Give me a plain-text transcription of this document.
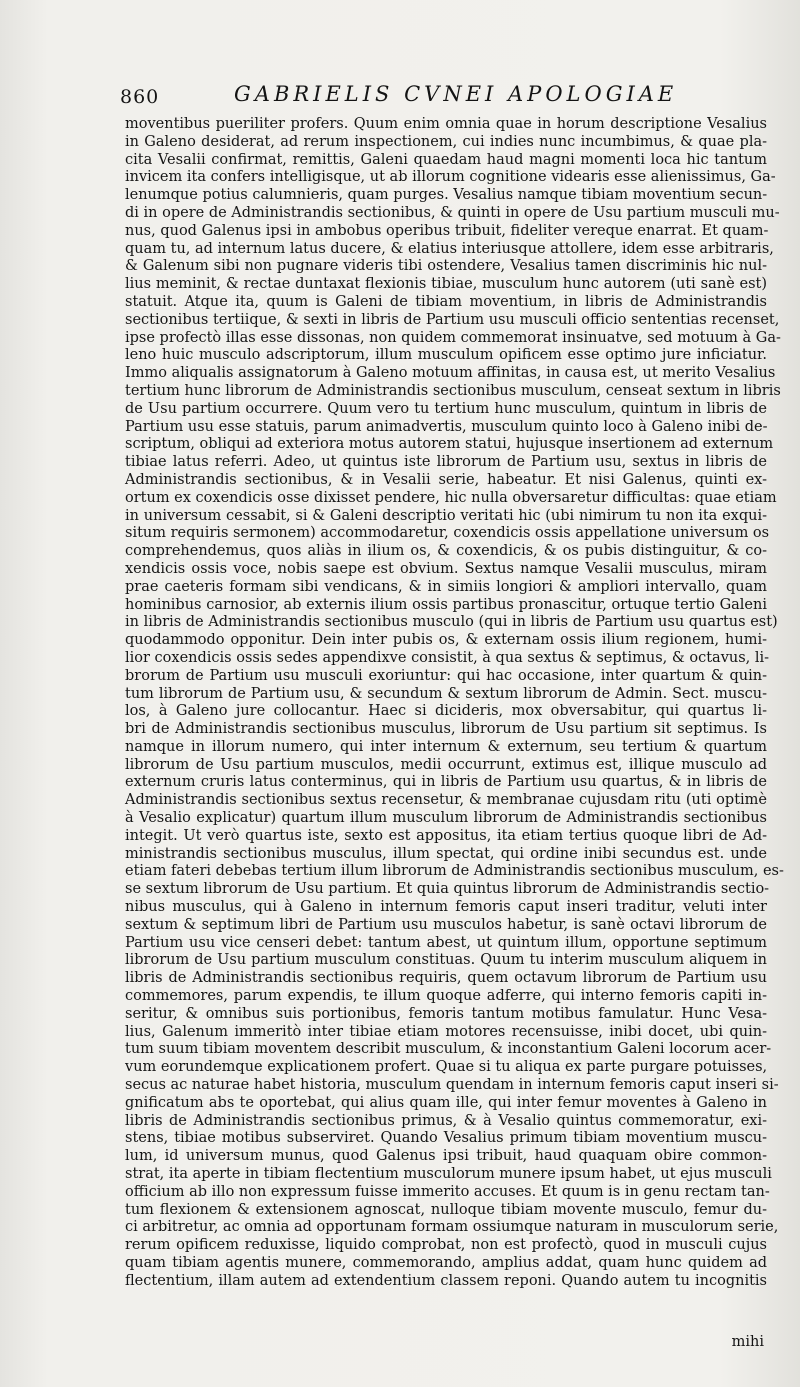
860	GABRIELIS CVNEI APOLOGIAE
moventibus pueriliter profers. Quum enim omnia quae in horum descriptione Vesalius
in Galeno desiderat, ad rerum inspectionem, cui indies nunc incumbimus, & quae pla-
cita Vesalii confirmat, remittis, Galeni quaedam haud magni momenti loca hic tantum
invicem ita confers intelligisque, ut ab illorum cognitione videaris esse alienissimus, Ga-
lenumque potius calumnieris, quam purges. Vesalius namque tibiam moventium secun-
di in opere de Administrandis sectionibus, & quinti in opere de Usu partium musculi mu-
nus, quod Galenus ipsi in ambobus operibus tribuit, fideliter vereque enarrat. Et quam-
quam tu, ad internum latus ducere, & elatius interiusque attollere, idem esse arbitraris,
& Galenum sibi non pugnare videris tibi ostendere, Vesalius tamen discriminis hic nul-
lius meminit, & rectae duntaxat flexionis tibiae, musculum hunc autorem (uti sanè est)
statuit. Atque ita, quum is Galeni de tibiam moventium, in libris de Administrandis
sectionibus tertiique, & sexti in libris de Partium usu musculi officio sententias recenset,
ipse profectò illas esse dissonas, non quidem commemorat insinuatve, sed motuum à Ga-
leno huic musculo adscriptorum, illum musculum opificem esse optimo jure inficiatur.
Immo aliqualis assignatorum à Galeno motuum affinitas, in causa est, ut merito Vesalius
tertium hunc librorum de Administrandis sectionibus musculum, censeat sextum in libris
de Usu partium occurrere. Quum vero tu tertium hunc musculum, quintum in libris de
Partium usu esse statuis, parum animadvertis, musculum quinto loco à Galeno inibi de-
scriptum, obliqui ad exteriora motus autorem statui, hujusque insertionem ad externum
tibiae latus referri. Adeo, ut quintus iste librorum de Partium usu, sextus in libris de
Administrandis sectionibus, & in Vesalii serie, habeatur. Et nisi Galenus, quinti ex-
ortum ex coxendicis osse dixisset pendere, hic nulla obversaretur difficultas: quae etiam
in universum cessabit, si & Galeni descriptio veritati hic (ubi nimirum tu non ita exqui-
situm requiris sermonem) accommodaretur, coxendicis ossis appellatione universum os
comprehendemus, quos aliàs in ilium os, & coxendicis, & os pubis distinguitur, & co-
xendicis ossis voce, nobis saepe est obvium. Sextus namque Vesalii musculus, miram
prae caeteris formam sibi vendicans, & in simiis longiori & ampliori intervallo, quam
hominibus carnosior, ab externis ilium ossis partibus pronascitur, ortuque tertio Galeni
in libris de Administrandis sectionibus musculo (qui in libris de Partium usu quartus est)
quodammodo opponitur. Dein inter pubis os, & externam ossis ilium regionem, humi-
lior coxendicis ossis sedes appendixve consistit, à qua sextus & septimus, & octavus, li-
brorum de Partium usu musculi exoriuntur: qui hac occasione, inter quartum & quin-
tum librorum de Partium usu, & secundum & sextum librorum de Admin. Sect. muscu-
los, à Galeno jure collocantur. Haec si dicideris, mox obversabitur, qui quartus li-
bri de Administrandis sectionibus musculus, librorum de Usu partium sit septimus. Is
namque in illorum numero, qui inter internum & externum, seu tertium & quartum
librorum de Usu partium musculos, medii occurrunt, extimus est, illique musculo ad
externum cruris latus conterminus, qui in libris de Partium usu quartus, & in libris de
Administrandis sectionibus sextus recensetur, & membranae cujusdam ritu (uti optimè
à Vesalio explicatur) quartum illum musculum librorum de Administrandis sectionibus
integit. Ut verò quartus iste, sexto est appositus, ita etiam tertius quoque libri de Ad-
ministrandis sectionibus musculus, illum spectat, qui ordine inibi secundus est. unde
etiam fateri debebas tertium illum librorum de Administrandis sectionibus musculum, es-
se sextum librorum de Usu partium. Et quia quintus librorum de Administrandis sectio-
nibus musculus, qui à Galeno in internum femoris caput inseri traditur, veluti inter
sextum & septimum libri de Partium usu musculos habetur, is sanè octavi librorum de
Partium usu vice censeri debet: tantum abest, ut quintum illum, opportune septimum
librorum de Usu partium musculum constituas. Quum tu interim musculum aliquem in
libris de Administrandis sectionibus requiris, quem octavum librorum de Partium usu
commemores, parum expendis, te illum quoque adferre, qui interno femoris capiti in-
seritur, & omnibus suis portionibus, femoris tantum motibus famulatur. Hunc Vesa-
lius, Galenum immeritò inter tibiae etiam motores recensuisse, inibi docet, ubi quin-
tum suum tibiam moventem describit musculum, & inconstantium Galeni locorum acer-
vum eorundemque explicationem profert. Quae si tu aliqua ex parte purgare potuisses,
secus ac naturae habet historia, musculum quendam in internum femoris caput inseri si-
gnificatum abs te oportebat, qui alius quam ille, qui inter femur moventes à Galeno in
libris de Administrandis sectionibus primus, & à Vesalio quintus commemoratur, exi-
stens, tibiae motibus subserviret. Quando Vesalius primum tibiam moventium muscu-
lum, id universum munus, quod Galenus ipsi tribuit, haud quaquam obire common-
strat, ita aperte in tibiam flectentium musculorum munere ipsum habet, ut ejus musculi
officium ab illo non expressum fuisse immerito accuses. Et quum is in genu rectam tan-
tum flexionem & extensionem agnoscat, nulloque tibiam movente musculo, femur du-
ci arbitretur, ac omnia ad opportunam formam ossiumque naturam in musculorum serie,
rerum opificem reduxisse, liquido comprobat, non est profectò, quod in musculi cujus
quam tibiam agentis munere, commemorando, amplius addat, quam hunc quidem ad
flectentium, illam autem ad extendentium classem reponi. Quando autem tu incognitis
mihi
